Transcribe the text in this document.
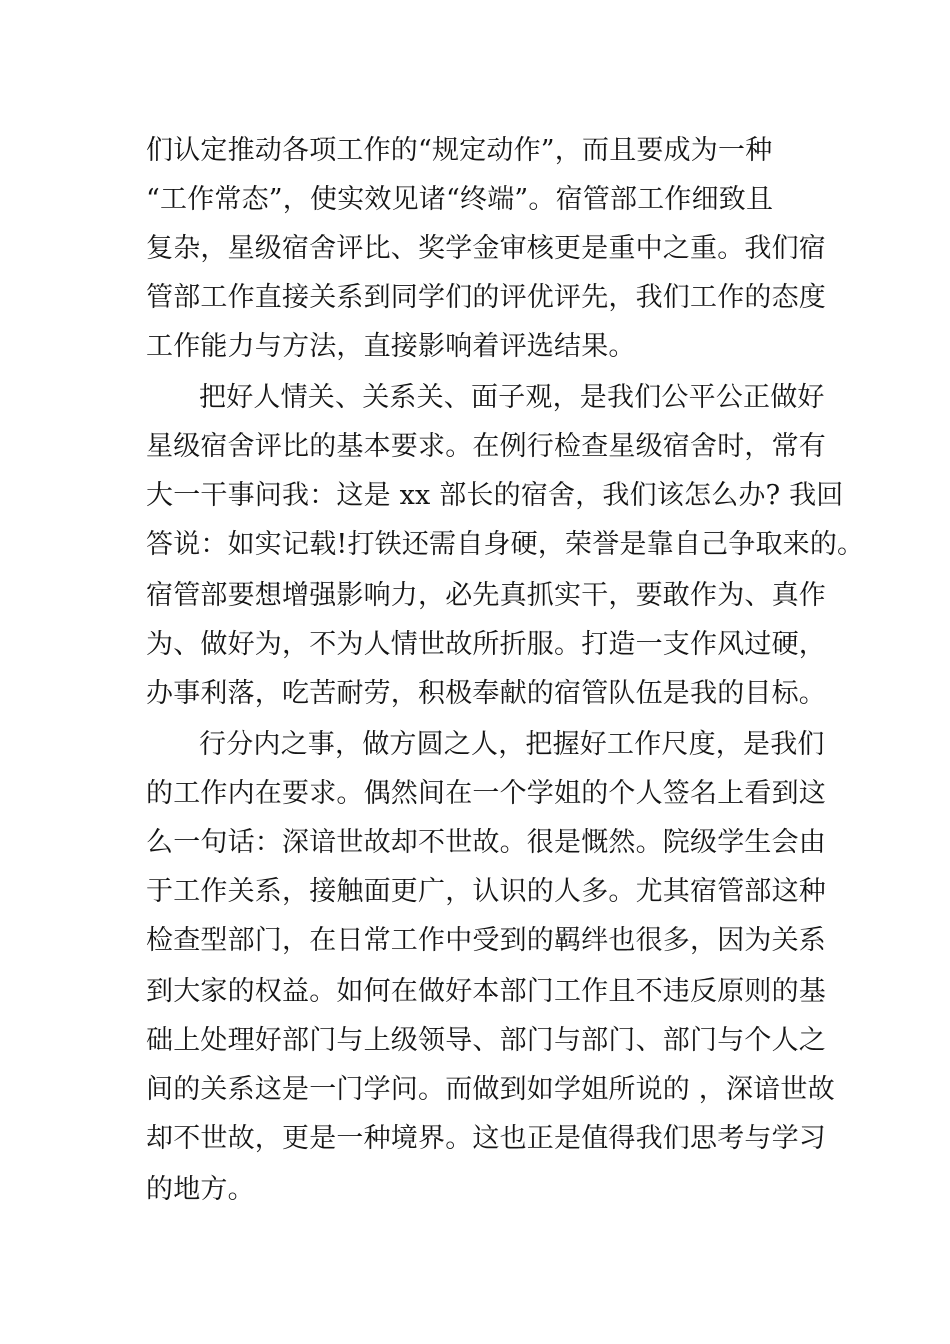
们认定推动各项工作的“规定动作”，而且要成为一种

“工作常态”，使实效见诸“终端”。宿管部工作细致且

复杂，星级宿舍评比、奖学金审核更是重中之重。我们宿

管部工作直接关系到同学们的评优评先，我们工作的态度

工作能力与方法，直接影响着评选结果。

把好人情关、关系关、面子观，是我们公平公正做好

星级宿舍评比的基本要求。在例行检查星级宿舍时，常有

大一干事问我：这是 xx 部长的宿舍，我们该怎么办? 我回

答说：如实记载!打铁还需自身硬，荣誉是靠自己争取来的。

宿管部要想增强影响力，必先真抓实干，要敢作为、真作

为、做好为，不为人情世故所折服。打造一支作风过硬，

办事利落，吃苦耐劳，积极奉献的宿管队伍是我的目标。

行分内之事，做方圆之人，把握好工作尺度，是我们

的工作内在要求。偶然间在一个学姐的个人签名上看到这

么一句话：深谙世故却不世故。很是慨然。院级学生会由

于工作关系，接触面更广，认识的人多。尤其宿管部这种

检查型部门，在日常工作中受到的羁绊也很多，因为关系

到大家的权益。如何在做好本部门工作且不违反原则的基

础上处理好部门与上级领导、部门与部门、部门与个人之

间的关系这是一门学问。而做到如学姐所说的 ，深谙世故

却不世故，更是一种境界。这也正是值得我们思考与学习

的地方。
